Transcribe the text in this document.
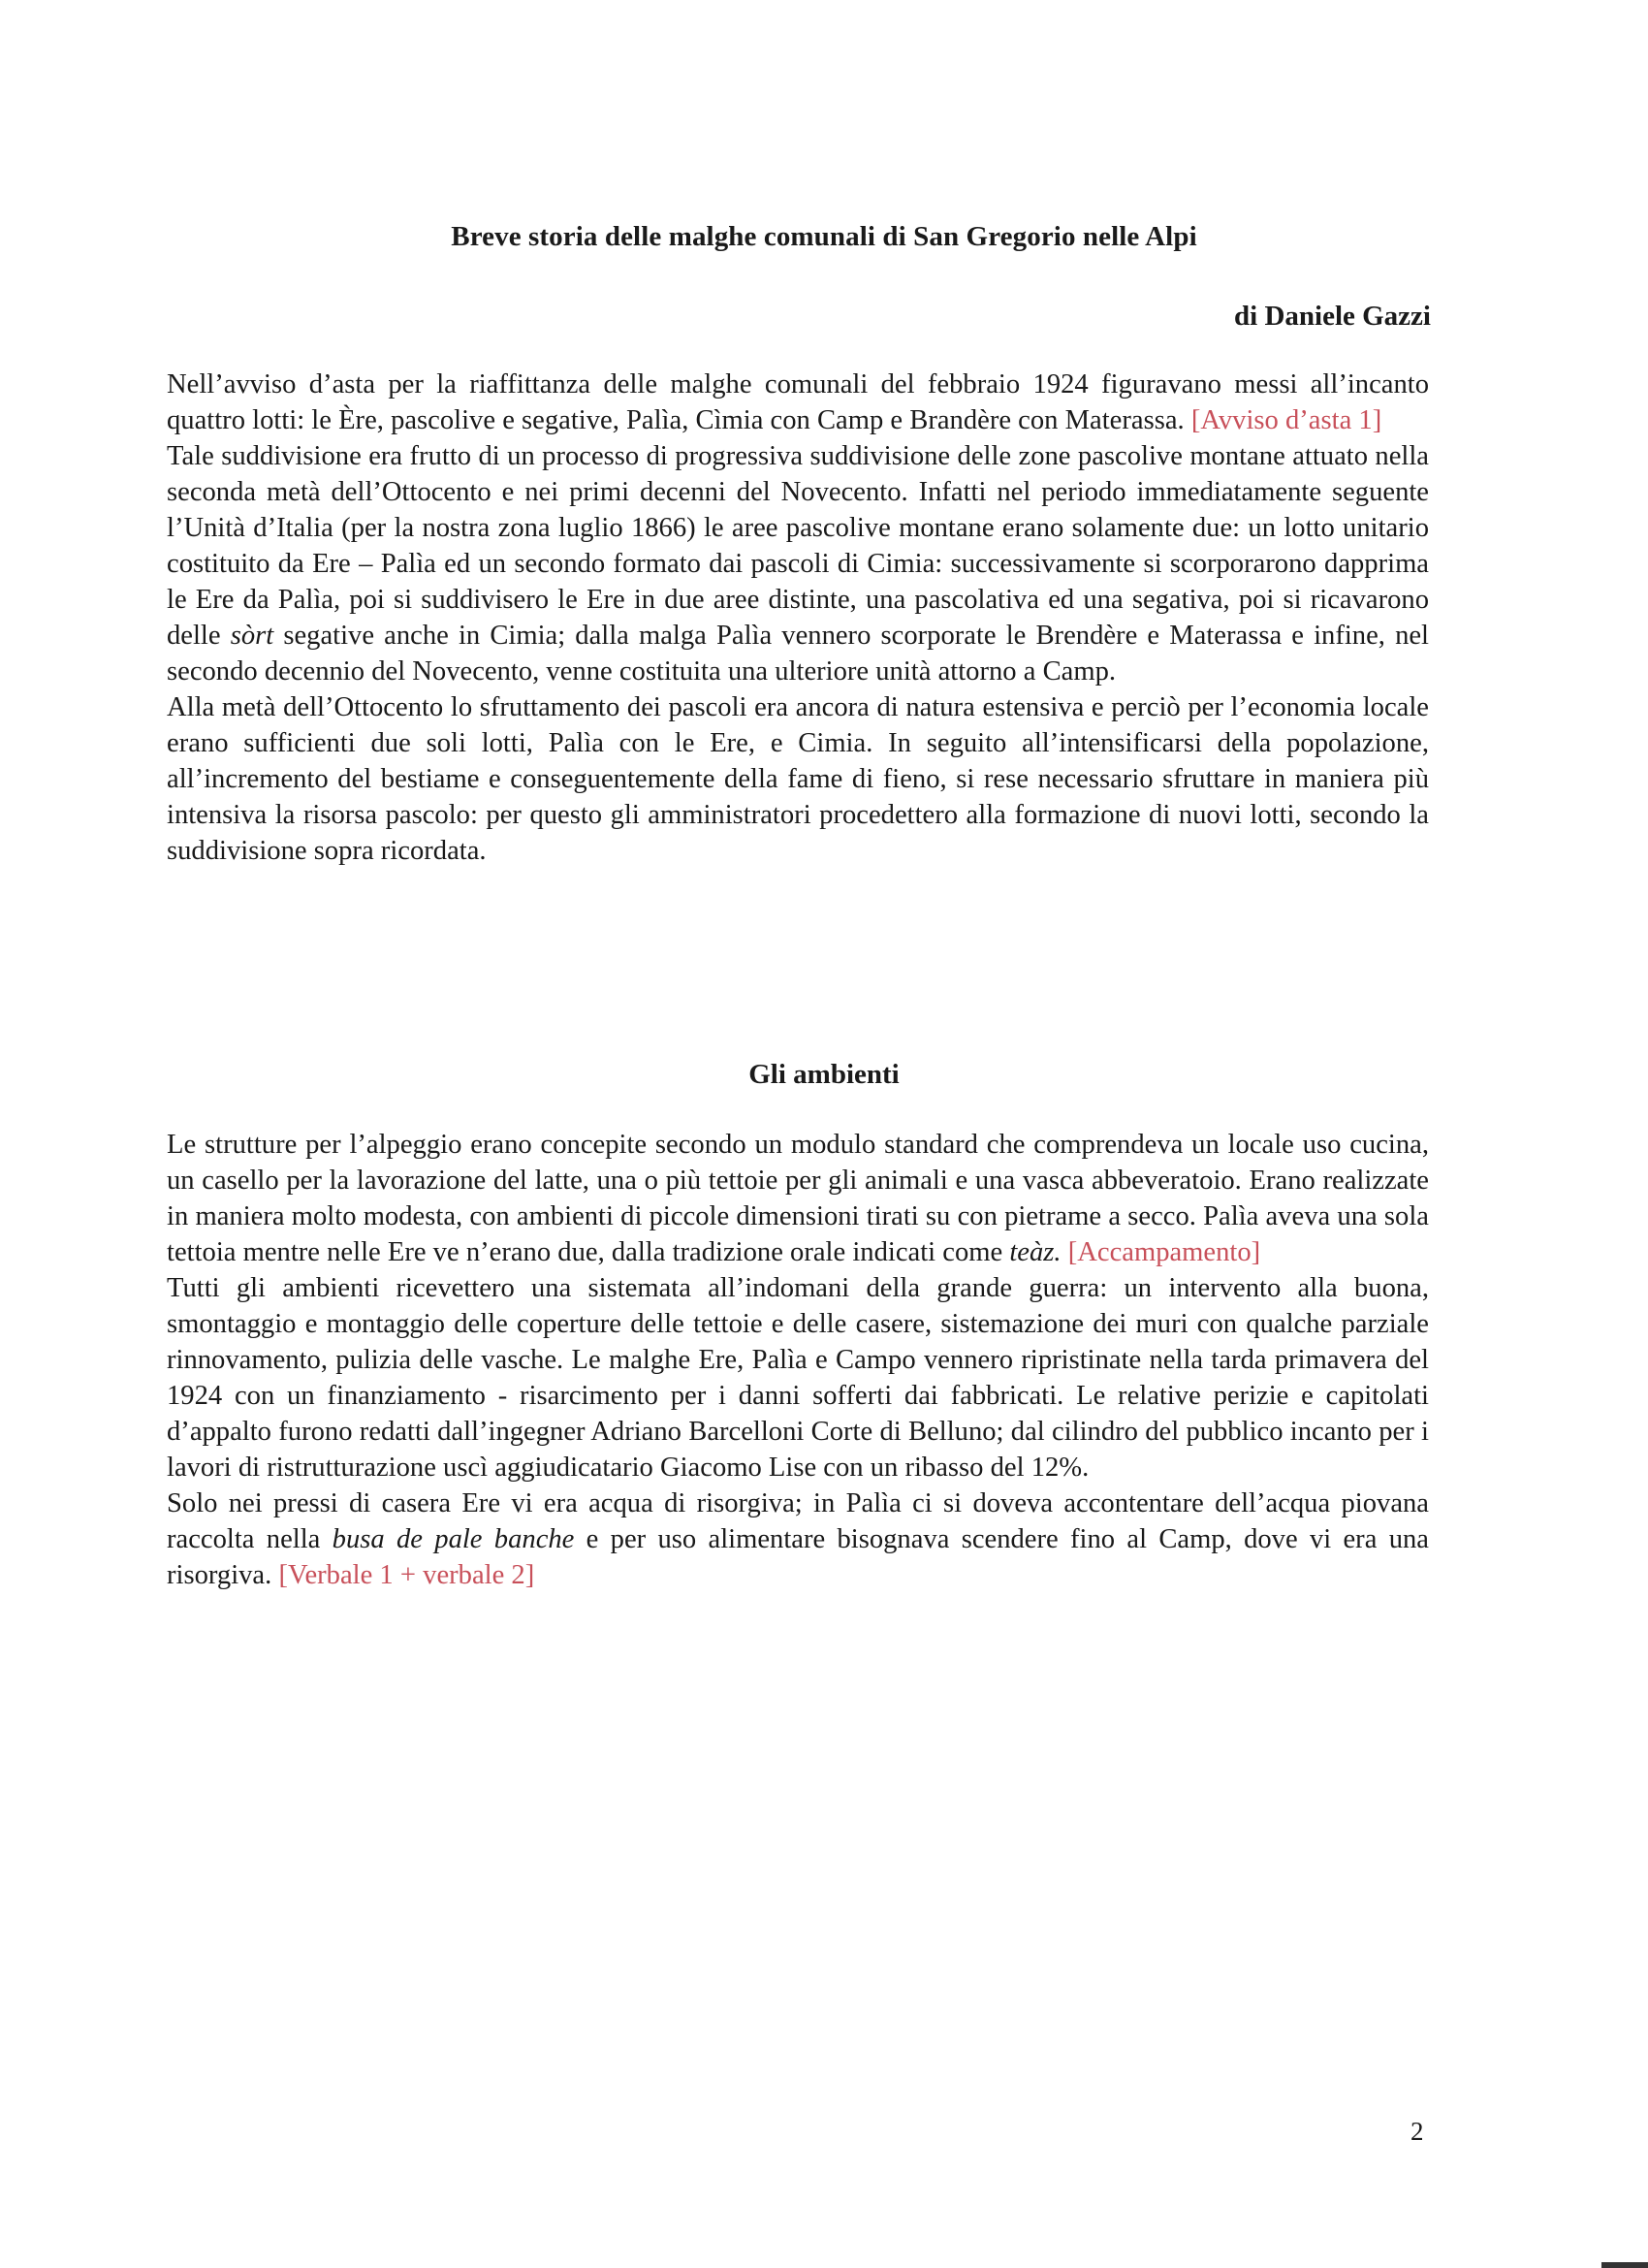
Breve storia delle malghe comunali di San Gregorio nelle Alpi
di Daniele Gazzi

Nell’avviso d’asta per la riaffittanza delle malghe comunali del febbraio 1924 figuravano messi all’incanto quattro lotti: le Ère, pascolive e segative, Palìa, Cìmia con Camp e Brandère con Materassa. [Avviso d’asta 1]

Tale suddivisione era frutto di un processo di progressiva suddivisione delle zone pascolive montane attuato nella seconda metà dell’Ottocento e nei primi decenni del Novecento. Infatti nel periodo immediatamente seguente l’Unità d’Italia (per la nostra zona luglio 1866) le aree pascolive montane erano solamente due: un lotto unitario costituito da Ere – Palìa ed un secondo formato dai pascoli di Cimia: successivamente si scorporarono dapprima le Ere da Palìa, poi si suddivisero le Ere in due aree distinte, una pascolativa ed una segativa, poi si ricavarono delle sòrt segative anche in Cimia; dalla malga Palìa vennero scorporate le Brendère e Materassa e infine, nel secondo decennio del Novecento, venne costituita una ulteriore unità attorno a Camp.

Alla metà dell’Ottocento lo sfruttamento dei pascoli era ancora di natura estensiva e perciò per l’economia locale erano sufficienti due soli lotti, Palìa con le Ere, e Cimia. In seguito all’intensificarsi della popolazione, all’incremento del bestiame e conseguentemente della fame di fieno, si rese necessario sfruttare in maniera più intensiva la risorsa pascolo: per questo gli amministratori procedettero alla formazione di nuovi lotti, secondo la suddivisione sopra ricordata.

Gli ambienti

Le strutture per l’alpeggio erano concepite secondo un modulo standard che comprendeva un locale uso cucina, un casello per la lavorazione del latte, una o più tettoie per gli animali e una vasca abbeveratoio. Erano realizzate in maniera molto modesta, con ambienti di piccole dimensioni tirati su con pietrame a secco. Palìa aveva una sola tettoia mentre nelle Ere ve n’erano due, dalla tradizione orale indicati come teàz. [Accampamento]

Tutti gli ambienti ricevettero una sistemata all’indomani della grande guerra: un intervento alla buona, smontaggio e montaggio delle coperture delle tettoie e delle casere, sistemazione dei muri con qualche parziale rinnovamento, pulizia delle vasche. Le malghe Ere, Palìa e Campo vennero ripristinate nella tarda primavera del 1924 con un finanziamento - risarcimento per i danni sofferti dai fabbricati. Le relative perizie e capitolati d’appalto furono redatti dall’ingegner Adriano Barcelloni Corte di Belluno; dal cilindro del pubblico incanto per i lavori di ristrutturazione uscì aggiudicatario Giacomo Lise con un ribasso del 12%.

Solo nei pressi di casera Ere vi era acqua di risorgiva; in Palìa ci si doveva accontentare dell’acqua piovana raccolta nella busa de pale banche e per uso alimentare bisognava scendere fino al Camp, dove vi era una risorgiva. [Verbale 1 + verbale 2]

2
